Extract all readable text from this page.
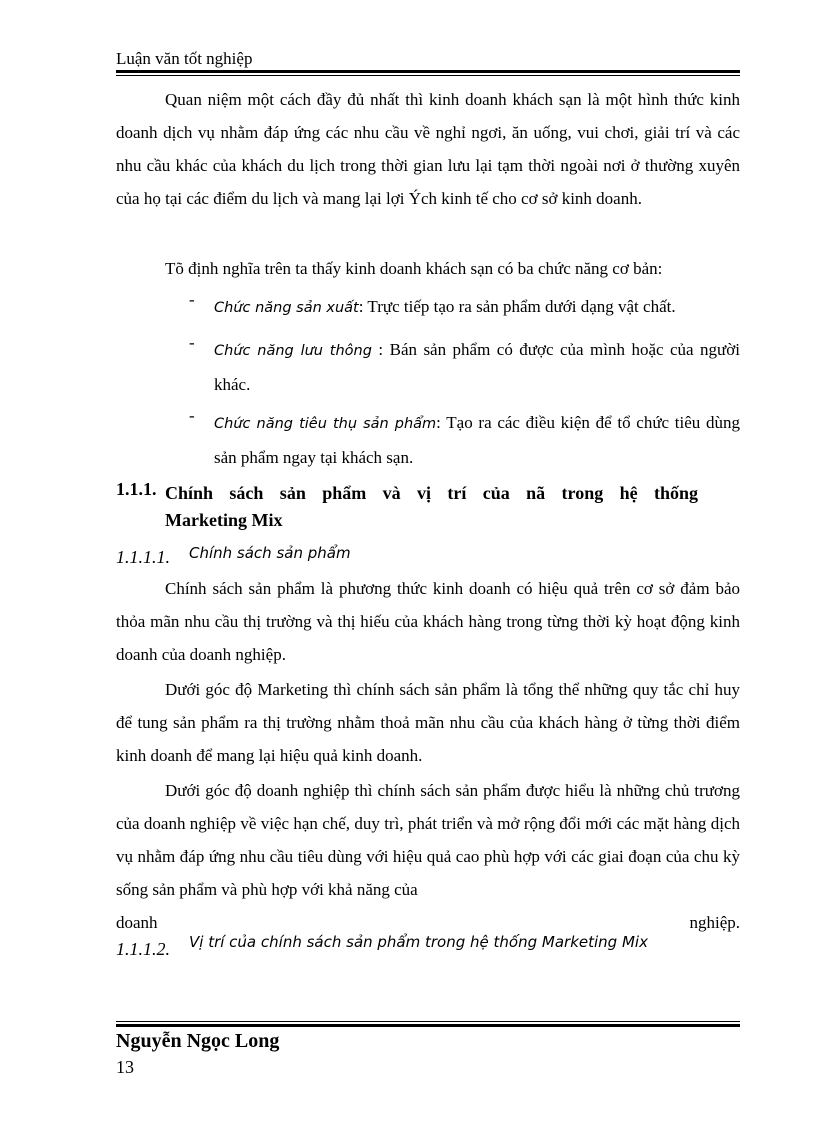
Luận văn tốt nghiệp

Quan niệm một cách đầy đủ nhất thì kinh doanh khách sạn là một hình thức kinh doanh dịch vụ nhằm đáp ứng các nhu cầu về nghỉ ngơi, ăn uống, vui chơi, giải trí và các nhu cầu khác của khách du lịch trong thời gian lưu lại tạm thời ngoài nơi ở thường xuyên của họ tại các điểm du lịch và mang lại lợi Ých kinh tế cho cơ sở kinh doanh.

Tõ định nghĩa trên ta thấy kinh doanh khách sạn có ba chức năng cơ bản:
- Chức năng sản xuất: Trực tiếp tạo ra sản phẩm dưới dạng vật chất.
- Chức năng lưu thông : Bán sản phẩm có được của mình hoặc của người khác.
- Chức năng tiêu thụ sản phẩm: Tạo ra các điều kiện để tổ chức tiêu dùng sản phẩm ngay tại khách sạn.
1.1.1. Chính sách sản phẩm và vị trí của nã trong hệ thống
Marketing Mix
1.1.1.1. Chính sách sản phẩm

Chính sách sản phẩm là phương thức kinh doanh có hiệu quả trên cơ sở đảm bảo thỏa mãn nhu cầu thị trường và thị hiếu của khách hàng trong từng thời kỳ hoạt động kinh doanh của doanh nghiệp.

Dưới góc độ Marketing thì chính sách sản phẩm là tổng thể những quy tắc chỉ huy để tung sản phẩm ra thị trường nhằm thoả mãn nhu cầu của khách hàng ở từng thời điểm kinh doanh để mang lại hiệu quả kinh doanh.

Dưới góc độ doanh nghiệp thì chính sách sản phẩm được hiểu là những chủ trương của doanh nghiệp về việc hạn chế, duy trì, phát triển và mở rộng đổi mới các mặt hàng dịch vụ nhằm đáp ứng nhu cầu tiêu dùng với hiệu quả cao phù hợp với các giai đoạn của chu kỳ sống sản phẩm và phù hợp với khả năng của

doanh	nghiệp.
1.1.1.2. Vị trí của chính sách sản phẩm trong hệ thống Marketing Mix
Nguyễn Ngọc Long
13
